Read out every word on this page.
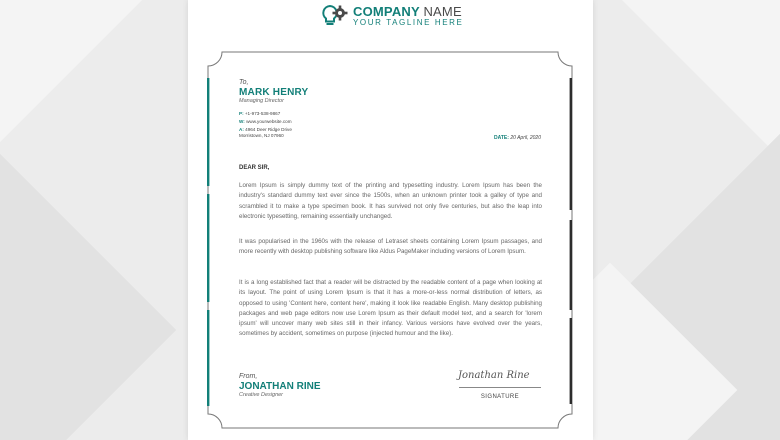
COMPANY NAME
YOUR TAGLINE HERE
To,
MARK HENRY
Managing Director
P: +1-973-538-9867
W: www.yourwebsite.com
A: 4964 Deer Ridge Drive
Morristown, NJ 07960	DATE: 20 April, 2020
DEAR SIR,
Lorem Ipsum is simply dummy text of the printing and typesetting industry. Lorem Ipsum has been the industry's standard dummy text ever since the 1500s, when an unknown printer took a galley of type and scrambled it to make a type specimen book. It has survived not only five centuries, but also the leap into electronic typesetting, remaining essentially unchanged.
It was popularised in the 1960s with the release of Letraset sheets containing Lorem Ipsum passages, and more recently with desktop publishing software like Aldus PageMaker including versions of Lorem Ipsum.
It is a long established fact that a reader will be distracted by the readable content of a page when looking at its layout. The point of using Lorem Ipsum is that it has a more-or-less normal distribution of letters, as opposed to using 'Content here, content here', making it look like readable English. Many desktop publishing packages and web page editors now use Lorem Ipsum as their default model text, and a search for 'lorem ipsum' will uncover many web sites still in their infancy. Various versions have evolved over the years, sometimes by accident, sometimes on purpose (injected humour and the like).
From,
JONATHAN RINE
Creative Designer
Jonathan Rine
SIGNATURE
